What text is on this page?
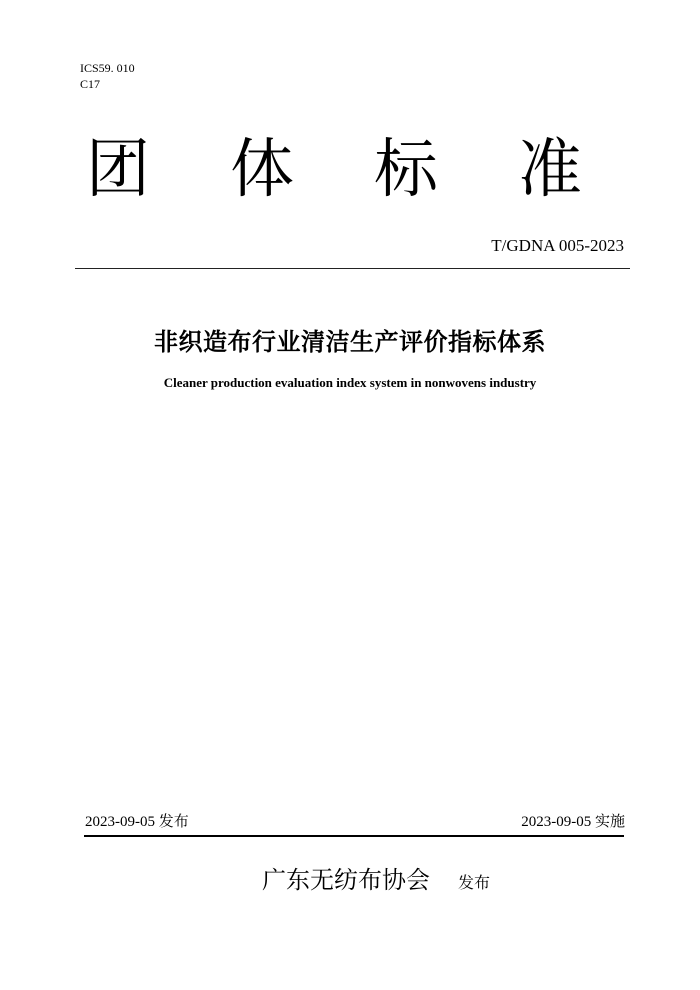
ICS59. 010
C17
团 体 标 准
T/GDNA 005-2023
非织造布行业清洁生产评价指标体系
Cleaner production evaluation index system in nonwovens industry
2023-09-05 发布	2023-09-05 实施
广东无纺布协会 发布
